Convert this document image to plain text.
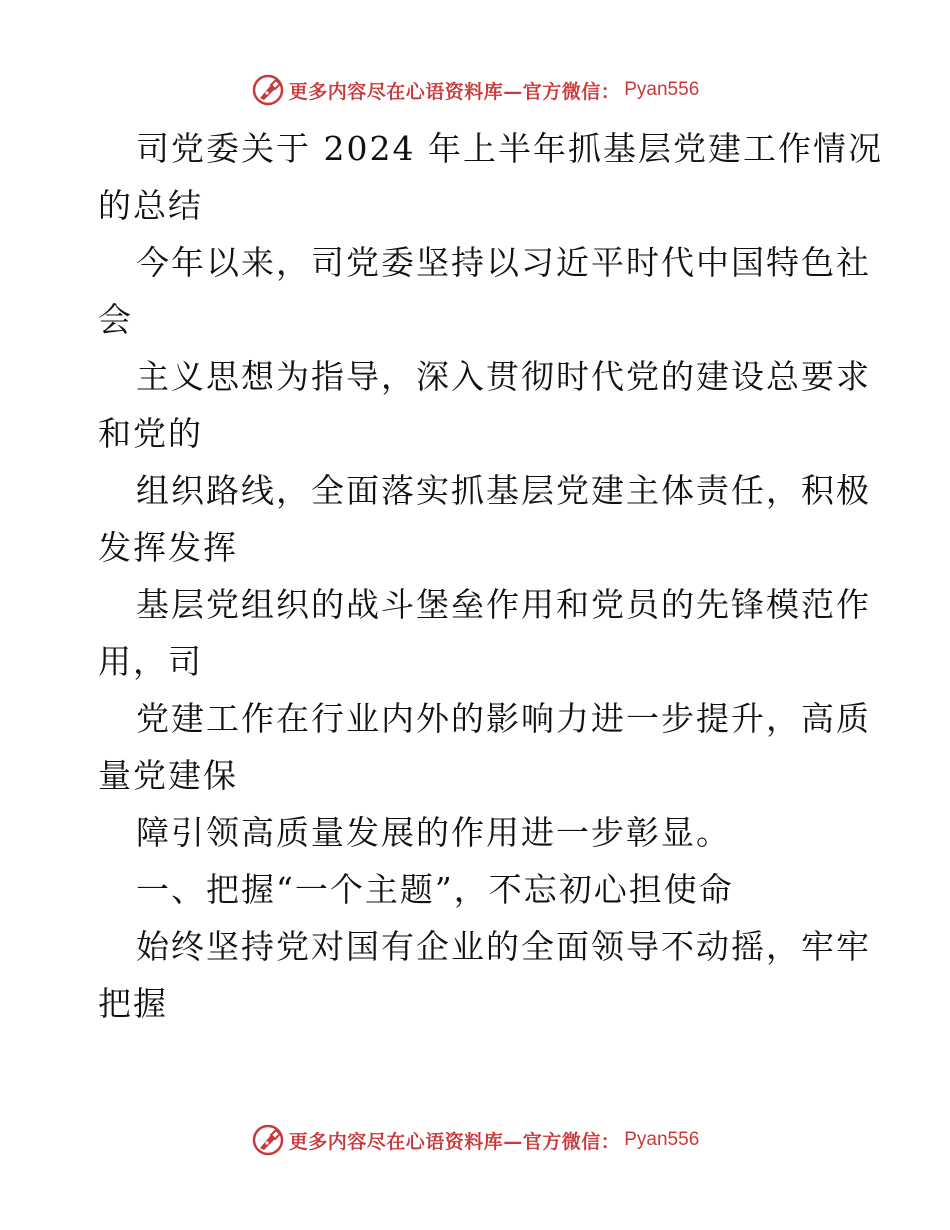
更多内容尽在心语资料库—官方微信： Pyan556
司党委关于 2024 年上半年抓基层党建工作情况
的总结
今年以来，司党委坚持以习近平时代中国特色社
会
主义思想为指导，深入贯彻时代党的建设总要求
和党的
组织路线，全面落实抓基层党建主体责任，积极
发挥发挥
基层党组织的战斗堡垒作用和党员的先锋模范作
用，司
党建工作在行业内外的影响力进一步提升，高质
量党建保
障引领高质量发展的作用进一步彰显。
一、把握“一个主题”，不忘初心担使命
始终坚持党对国有企业的全面领导不动摇，牢牢
把握
更多内容尽在心语资料库—官方微信： Pyan556
